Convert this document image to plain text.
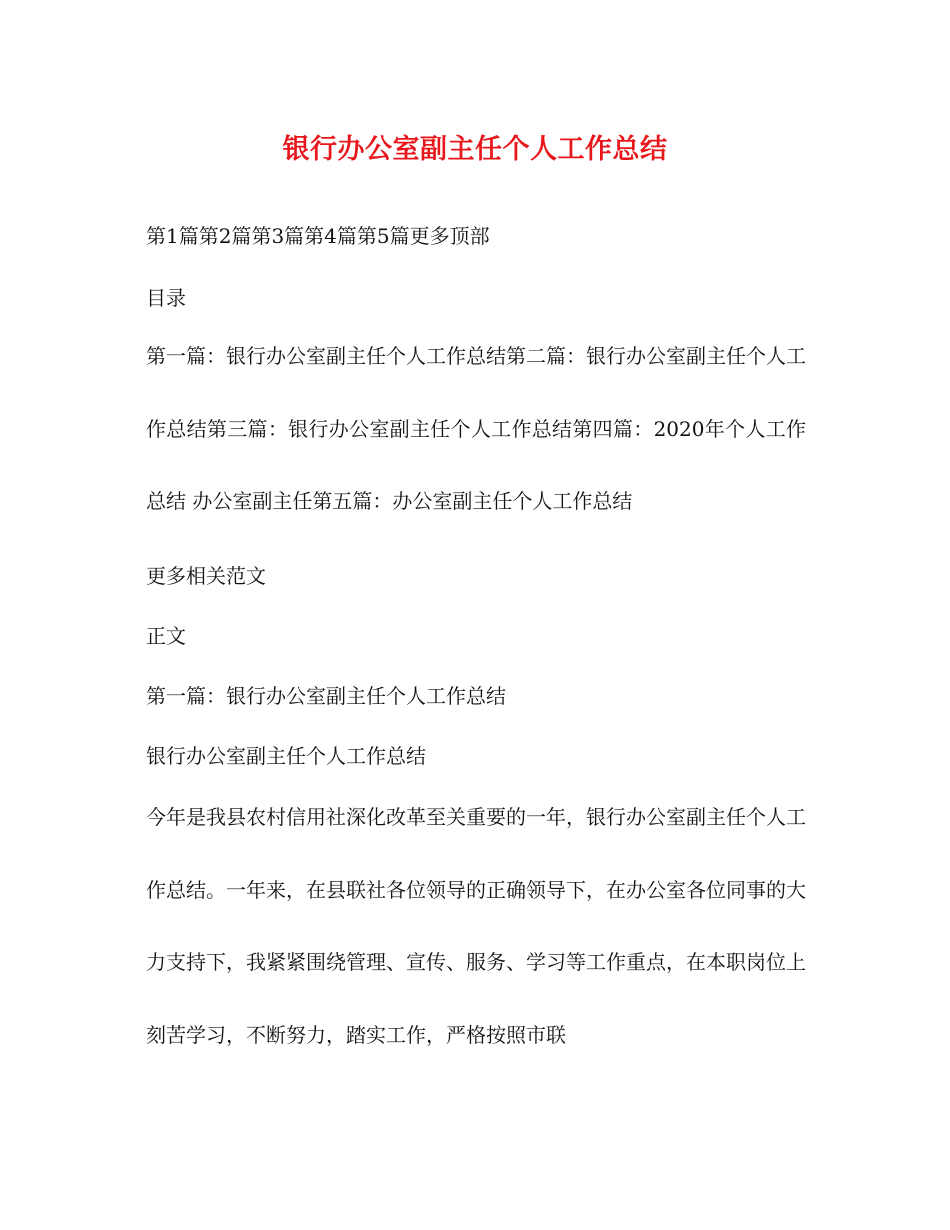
银行办公室副主任个人工作总结

第1篇第2篇第3篇第4篇第5篇更多顶部

目录

第一篇：银行办公室副主任个人工作总结第二篇：银行办公室副主任个人工作总结第三篇：银行办公室副主任个人工作总结第四篇：2020年个人工作总结 办公室副主任第五篇：办公室副主任个人工作总结

更多相关范文

正文

第一篇：银行办公室副主任个人工作总结

银行办公室副主任个人工作总结

今年是我县农村信用社深化改革至关重要的一年，银行办公室副主任个人工作总结。一年来，在县联社各位领导的正确领导下，在办公室各位同事的大力支持下，我紧紧围绕管理、宣传、服务、学习等工作重点，在本职岗位上刻苦学习，不断努力，踏实工作，严格按照市联
